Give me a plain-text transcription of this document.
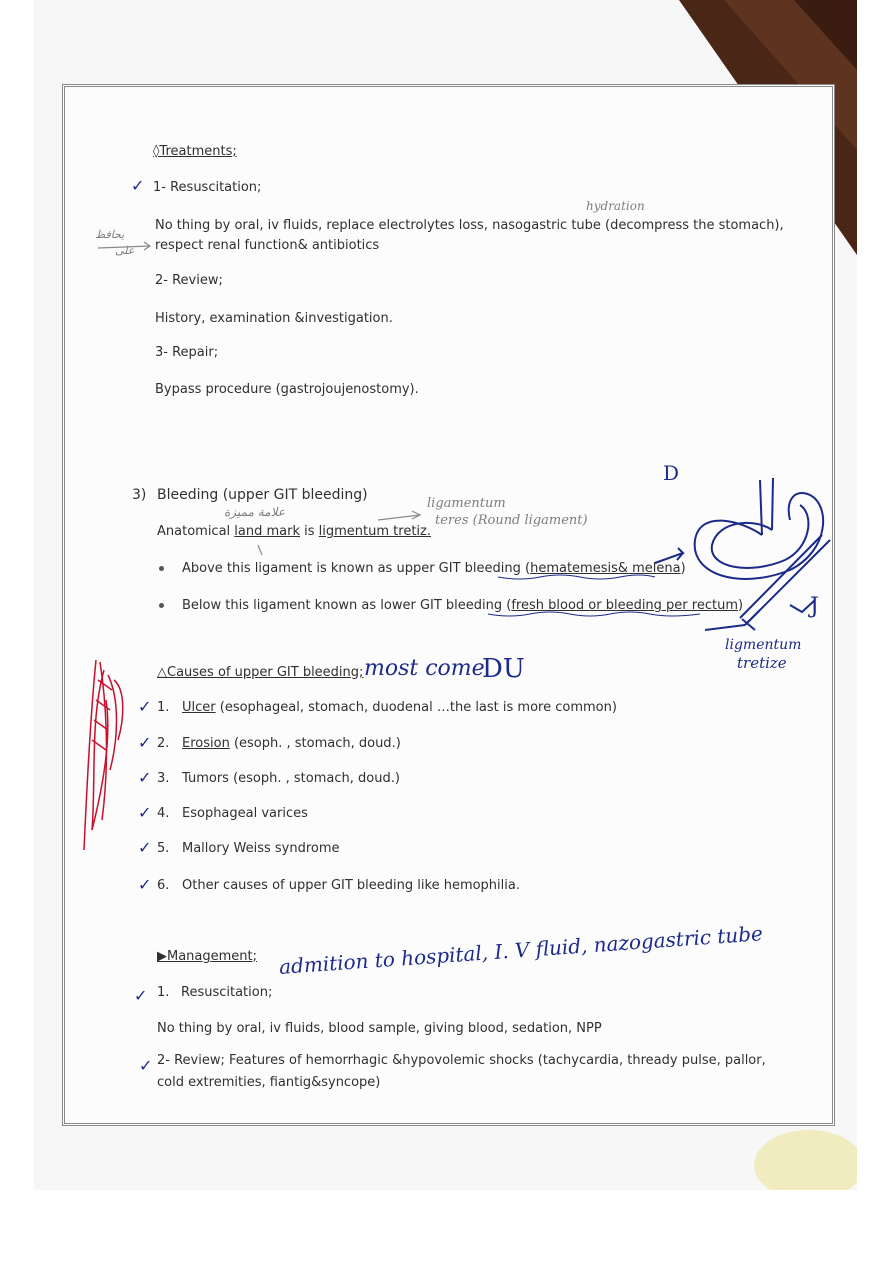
◊Treatments;
✓ 1- Resuscitation;
No thing by oral, iv fluids, replace electrolytes loss, nasogastric tube (decompress the stomach),
respect renal function& antibiotics
2- Review;
History, examination &investigation.
3- Repair;
Bypass procedure (gastrojoujenostomy).
hydration
يحافظ
على
3) Bleeding (upper GIT bleeding)
علامة مميزة
Anatomical land mark is ligmentum tretiz.
ligamentum
teres (Round ligament)
Above this ligament is known as upper GIT bleeding (hematemesis& melena)
Below this ligament known as lower GIT bleeding (fresh blood or bleeding per rectum)
△Causes of upper GIT bleeding; most come
DU
✓ 1. Ulcer (esophageal, stomach, duodenal …the last is more common)
✓ 2. Erosion (esoph. , stomach, doud.)
✓ 3. Tumors (esoph. , stomach, doud.)
✓ 4. Esophageal varices
✓ 5. Mallory Weiss syndrome
✓ 6. Other causes of upper GIT bleeding like hemophilia.
▶Management;
✓ 1. Resuscitation;
admition to hospital, I. V fluid, nazogastric tube
No thing by oral, iv fluids, blood sample, giving blood, sedation, NPP
✓ 2- Review; Features of hemorrhagic &hypovolemic shocks (tachycardia, thready pulse, pallor,
cold extremities, fiantig&syncope)
D
J
ligmentum
tretize
